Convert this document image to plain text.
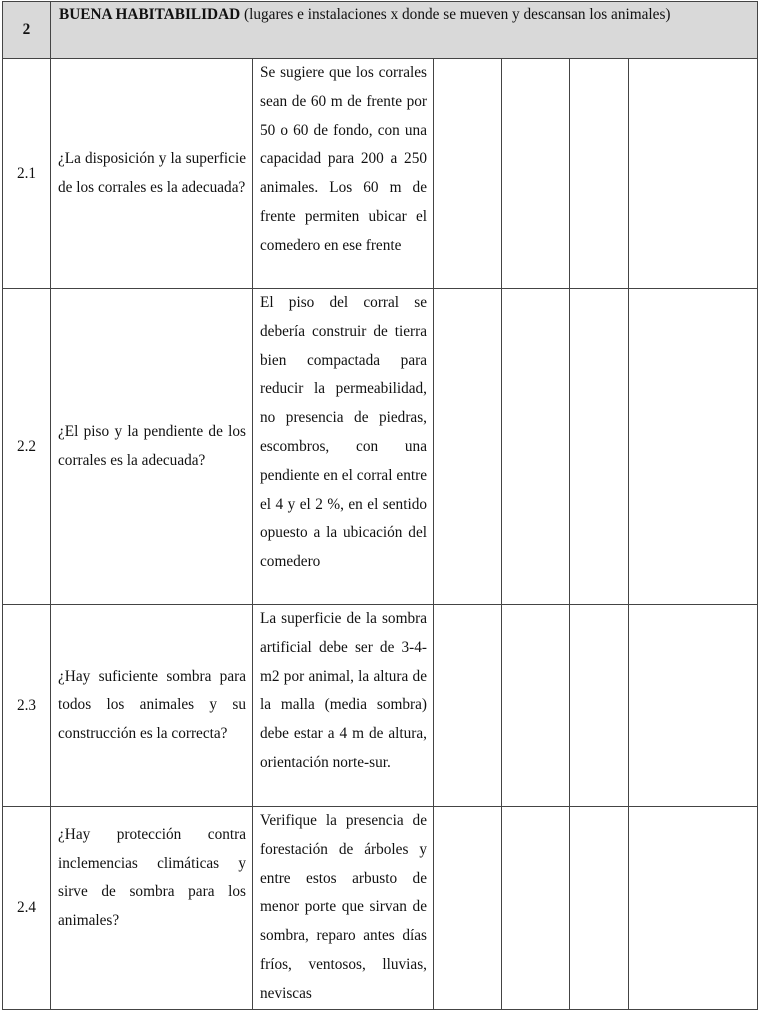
2	BUENA HABITABILIDAD (lugares e instalaciones x donde se mueven y descansan los animales)					
2.1	¿La disposición y la superficie de los corrales es la adecuada?	Se sugiere que los corrales sean de 60 m de frente por 50 o 60 de fondo, con una capacidad para 200 a 250 animales. Los 60 m de frente permiten ubicar el comedero en ese frente				
2.2	¿El piso y la pendiente de los corrales es la adecuada?	El piso del corral se debería construir de tierra bien compactada para reducir la permeabilidad, no presencia de piedras, escombros, con una pendiente en el corral entre el 4 y el 2 %, en el sentido opuesto a la ubicación del comedero				
2.3	¿Hay suficiente sombra para todos los animales y su construcción es la correcta?	La superficie de la sombra artificial debe ser de 3-4-m2 por animal, la altura de la malla (media sombra) debe estar a 4 m de altura, orientación norte-sur.				
2.4	¿Hay protección contra inclemencias climáticas y sirve de sombra para los animales?	Verifique la presencia de forestación de árboles y entre estos arbusto de menor porte que sirvan de sombra, reparo antes días fríos, ventosos, lluvias, neviscas				
